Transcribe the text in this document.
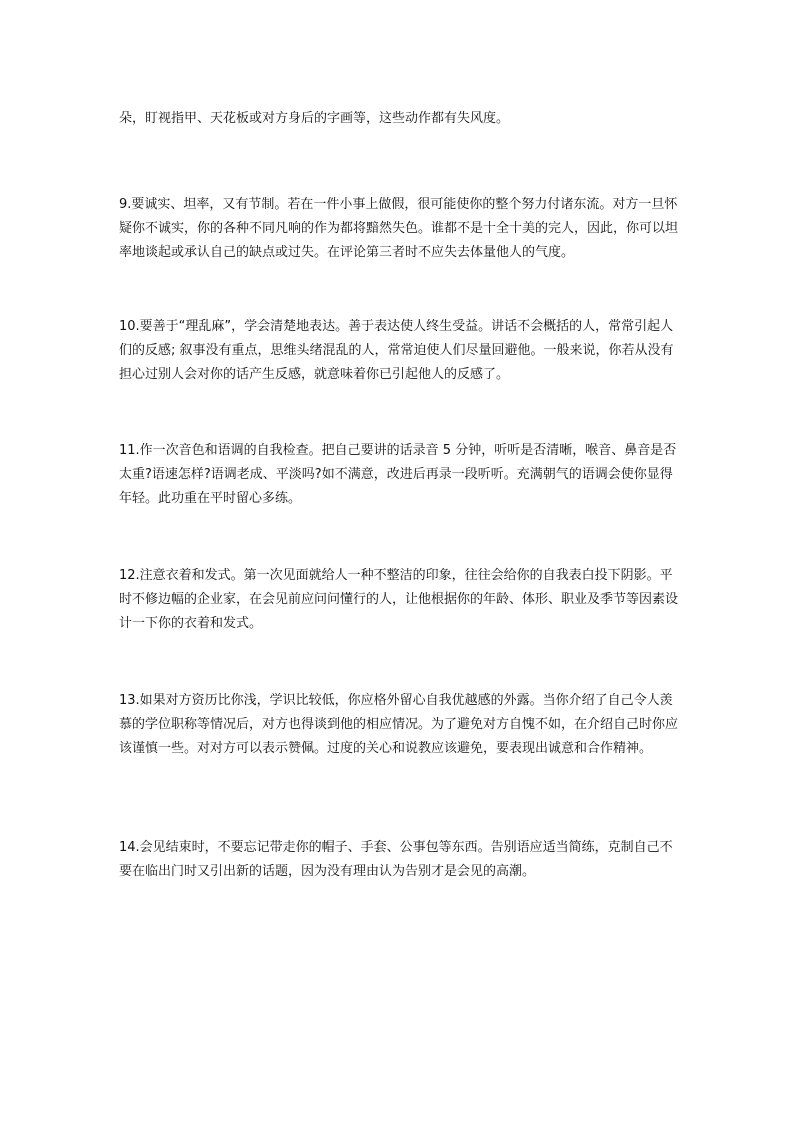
朵，盯视指甲、天花板或对方身后的字画等，这些动作都有失风度。

9.要诚实、坦率，又有节制。若在一件小事上做假，很可能使你的整个努力付诸东流。对方一旦怀疑你不诚实，你的各种不同凡响的作为都将黯然失色。谁都不是十全十美的完人，因此，你可以坦率地谈起或承认自己的缺点或过失。在评论第三者时不应失去体量他人的气度。

10.要善于“理乱麻”，学会清楚地表达。善于表达使人终生受益。讲话不会概括的人，常常引起人们的反感; 叙事没有重点，思维头绪混乱的人，常常迫使人们尽量回避他。一般来说，你若从没有担心过别人会对你的话产生反感，就意味着你已引起他人的反感了。

11.作一次音色和语调的自我检查。把自己要讲的话录音 5 分钟，听听是否清晰，喉音、鼻音是否太重?语速怎样?语调老成、平淡吗?如不满意，改进后再录一段听听。充满朝气的语调会使你显得年轻。此功重在平时留心多练。

12.注意衣着和发式。第一次见面就给人一种不整洁的印象，往往会给你的自我表白投下阴影。平时不修边幅的企业家，在会见前应问问懂行的人，让他根据你的年龄、体形、职业及季节等因素设计一下你的衣着和发式。

13.如果对方资历比你浅，学识比较低，你应格外留心自我优越感的外露。当你介绍了自己令人羡慕的学位职称等情况后，对方也得谈到他的相应情况。为了避免对方自愧不如，在介绍自己时你应该谨慎一些。对对方可以表示赞佩。过度的关心和说教应该避免，要表现出诚意和合作精神。

14.会见结束时，不要忘记带走你的帽子、手套、公事包等东西。告别语应适当简练，克制自己不要在临出门时又引出新的话题，因为没有理由认为告别才是会见的高潮。
